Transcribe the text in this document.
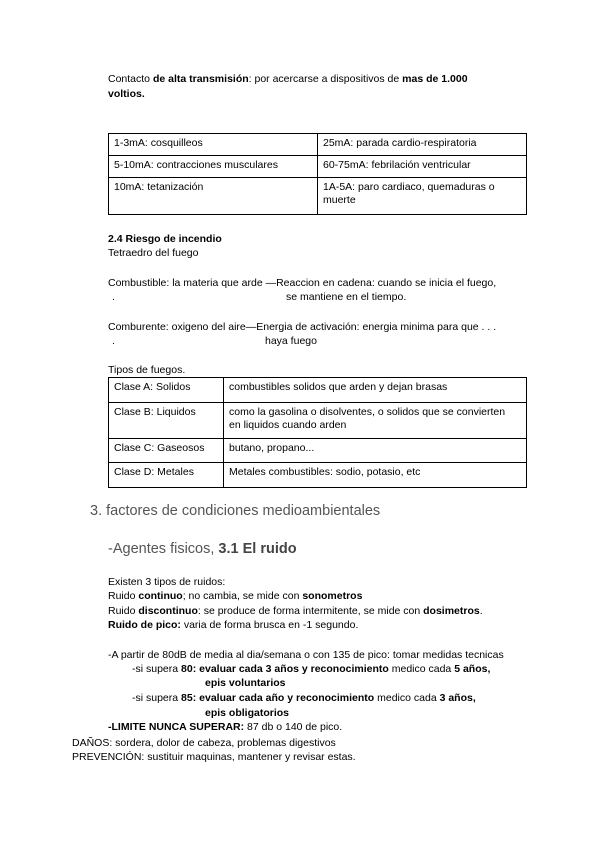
Contacto de alta transmisión: por acercarse a dispositivos de mas de 1.000
voltios.
1-3mA: cosquilleos	25mA: parada cardio-respiratoria
5-10mA: contracciones musculares	60-75mA: febrilación ventricular
10mA: tetanización	1A-5A: paro cardiaco, quemaduras o
muerte
2.4 Riesgo de incendio
Tetraedro del fuego
Combustible: la materia que arde —Reaccion en cadena: cuando se inicia el fuego,
.	se mantiene en el tiempo.
Comburente: oxigeno del aire—Energia de activación: energia minima para que . . .
.	haya fuego
Tipos de fuegos.
Clase A: Solidos	combustibles solidos que arden y dejan brasas
Clase B: Liquidos	como la gasolina o disolventes, o solidos que se convierten
en liquidos cuando arden
Clase C: Gaseosos	butano, propano...
Clase D: Metales	Metales combustibles: sodio, potasio, etc
3. factores de condiciones medioambientales
-Agentes fisicos, 3.1 El ruido
Existen 3 tipos de ruidos:
Ruido continuo; no cambia, se mide con sonometros
Ruido discontinuo: se produce de forma intermitente, se mide con dosimetros.
Ruido de pico: varia de forma brusca en -1 segundo.
-A partir de 80dB de media al dia/semana o con 135 de pico: tomar medidas tecnicas
-si supera 80: evaluar cada 3 años y reconocimiento medico cada 5 años,
epis voluntarios
-si supera 85: evaluar cada año y reconocimiento medico cada 3 años,
epis obligatorios
-LIMITE NUNCA SUPERAR: 87 db o 140 de pico.
DAÑOS: sordera, dolor de cabeza, problemas digestivos
PREVENCIÓN: sustituir maquinas, mantener y revisar estas.
